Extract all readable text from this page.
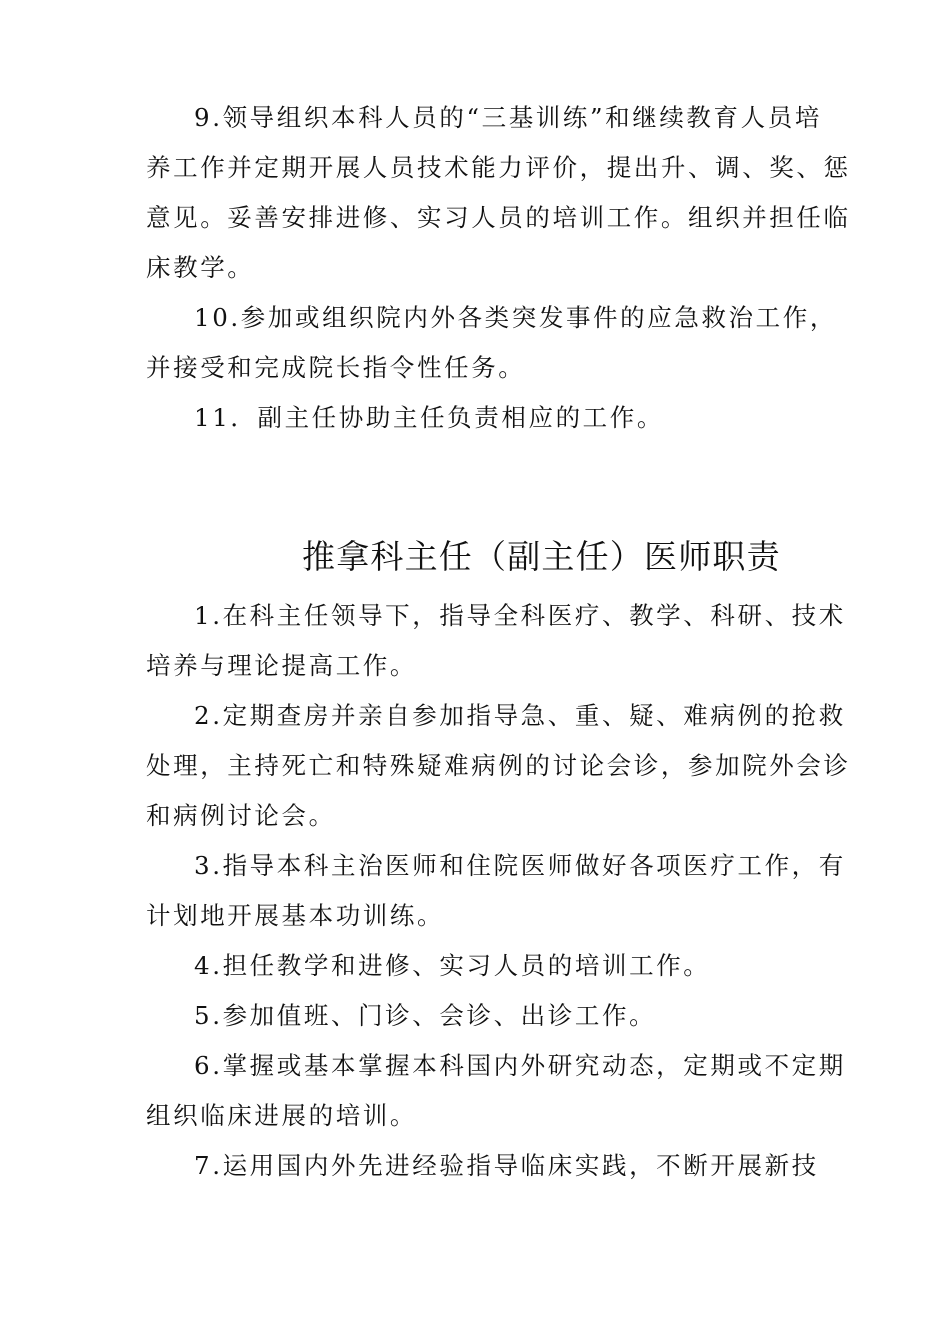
9.领导组织本科人员的“三基训练”和继续教育人员培
养工作并定期开展人员技术能力评价，提出升、调、奖、惩
意见。妥善安排进修、实习人员的培训工作。组织并担任临
床教学。
10.参加或组织院内外各类突发事件的应急救治工作，
并接受和完成院长指令性任务。
11．副主任协助主任负责相应的工作。
推拿科主任（副主任）医师职责
1.在科主任领导下，指导全科医疗、教学、科研、技术
培养与理论提高工作。
2.定期查房并亲自参加指导急、重、疑、难病例的抢救
处理，主持死亡和特殊疑难病例的讨论会诊，参加院外会诊
和病例讨论会。
3.指导本科主治医师和住院医师做好各项医疗工作，有
计划地开展基本功训练。
4.担任教学和进修、实习人员的培训工作。
5.参加值班、门诊、会诊、出诊工作。
6.掌握或基本掌握本科国内外研究动态，定期或不定期
组织临床进展的培训。
7.运用国内外先进经验指导临床实践，不断开展新技
